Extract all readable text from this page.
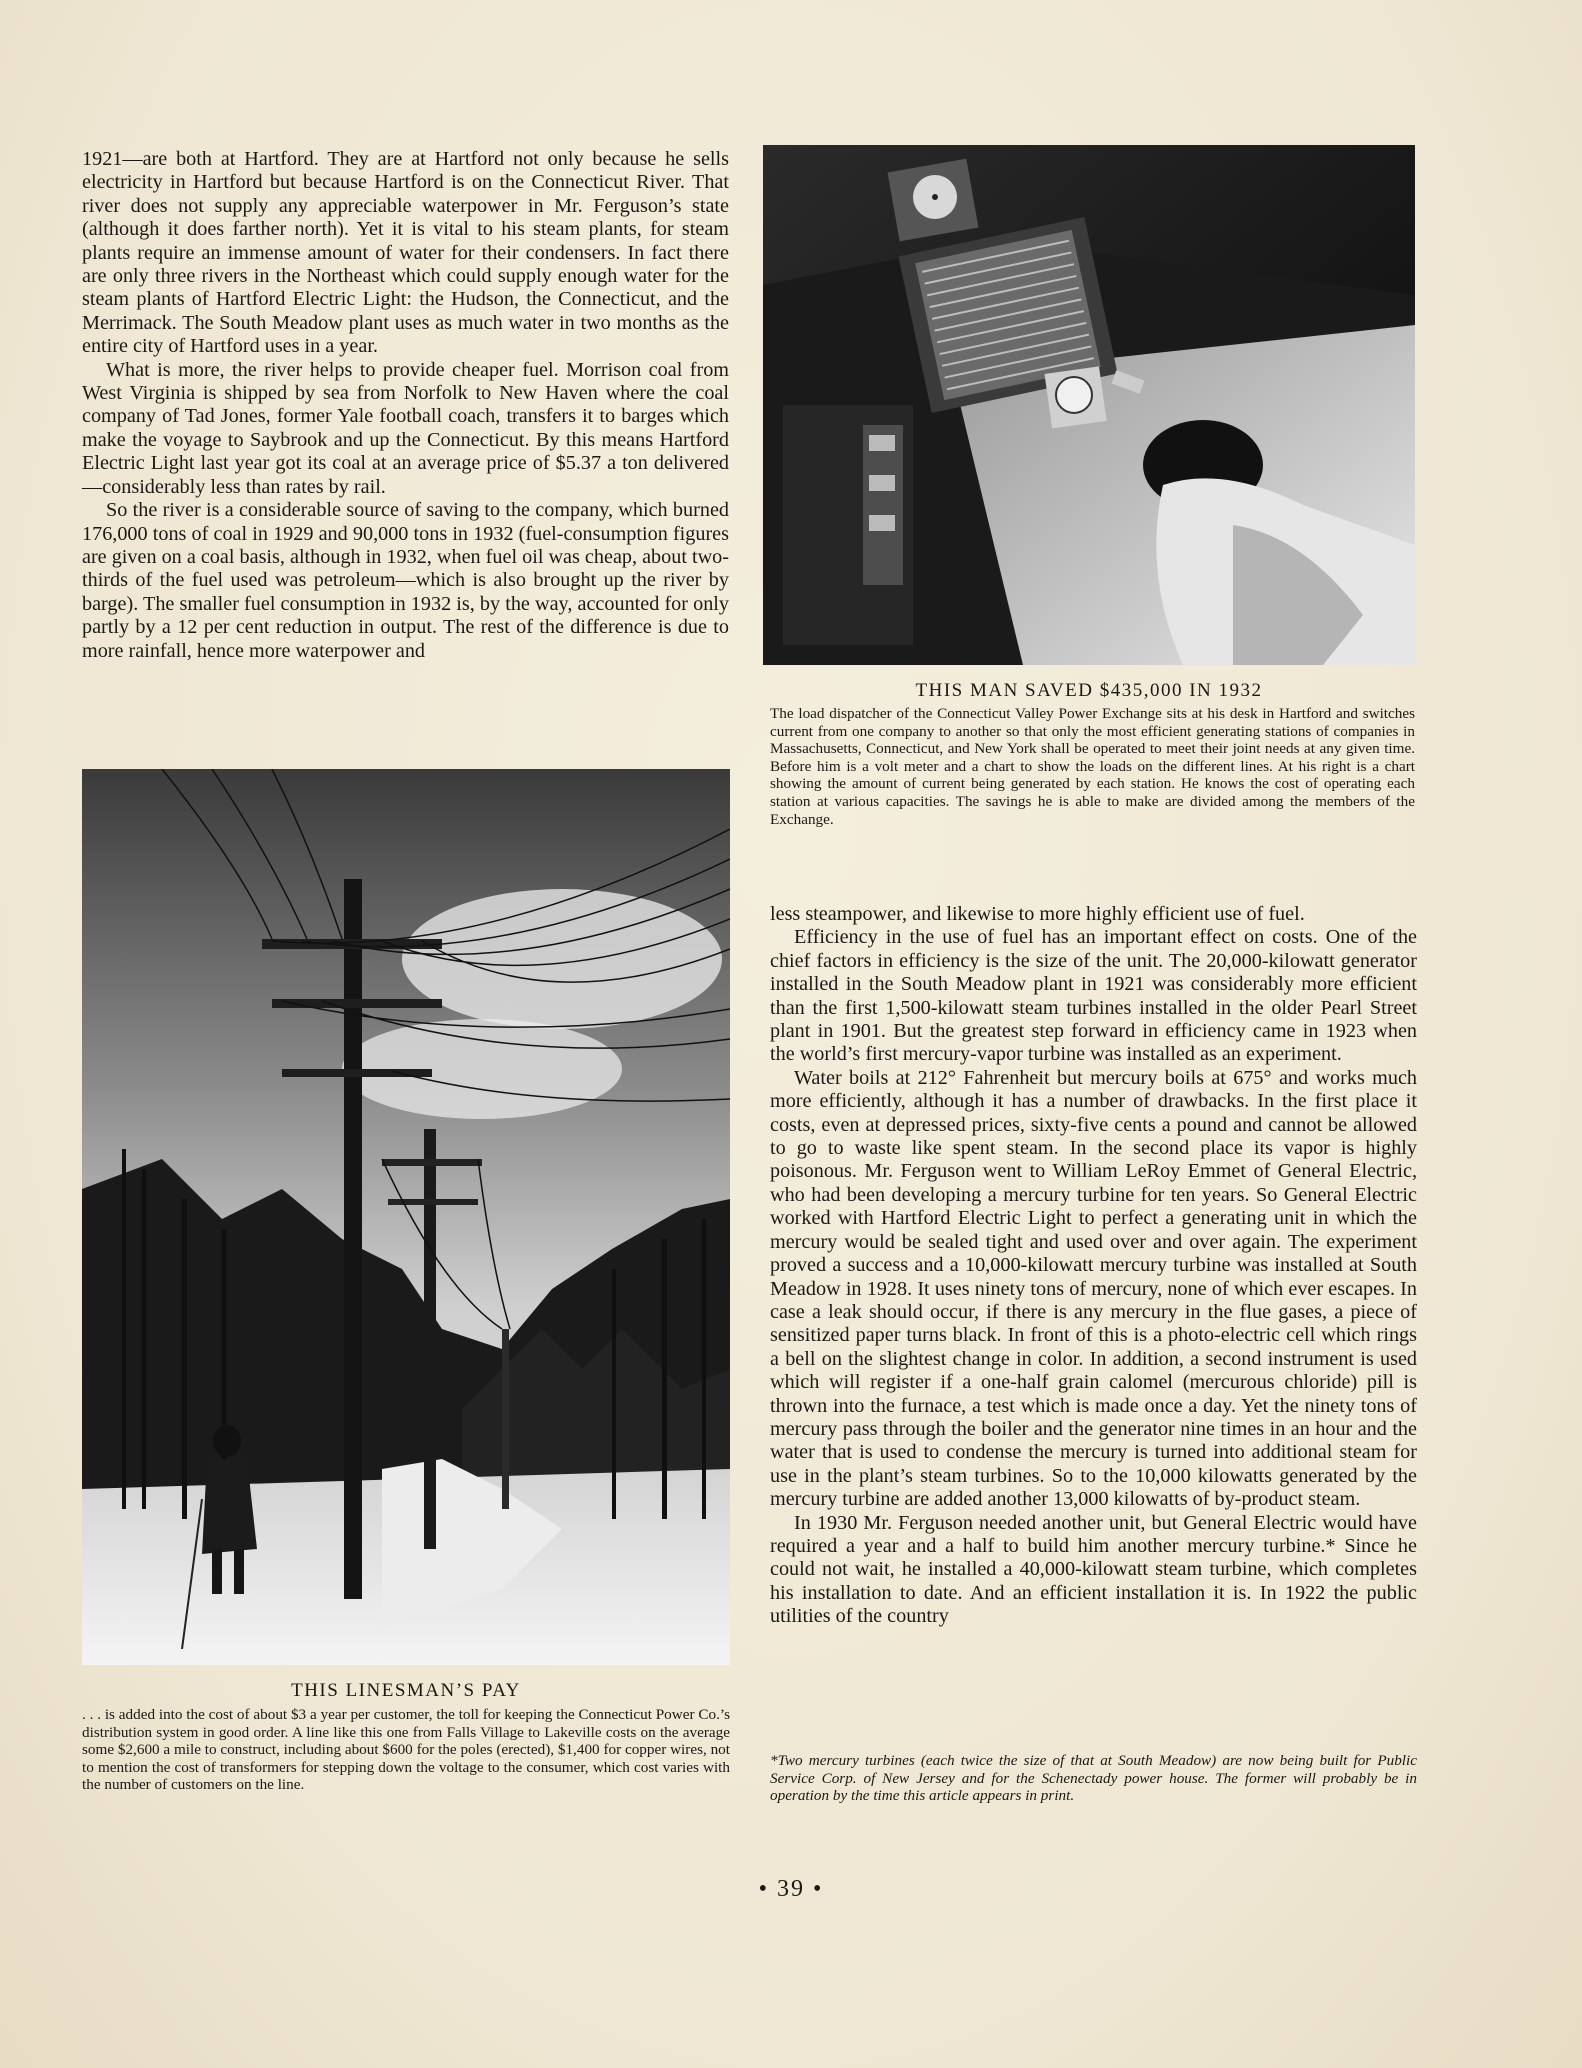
1921—are both at Hartford. They are at Hartford not only because he sells electricity in Hartford but because Hartford is on the Connecticut River. That river does not supply any appreciable waterpower in Mr. Ferguson’s state (although it does farther north). Yet it is vital to his steam plants, for steam plants require an immense amount of water for their condensers. In fact there are only three rivers in the Northeast which could supply enough water for the steam plants of Hartford Electric Light: the Hudson, the Connecticut, and the Merrimack. The South Meadow plant uses as much water in two months as the entire city of Hartford uses in a year.

What is more, the river helps to provide cheaper fuel. Morrison coal from West Virginia is shipped by sea from Norfolk to New Haven where the coal company of Tad Jones, former Yale football coach, transfers it to barges which make the voyage to Saybrook and up the Connecticut. By this means Hartford Electric Light last year got its coal at an average price of $5.37 a ton delivered—considerably less than rates by rail.

So the river is a considerable source of saving to the company, which burned 176,000 tons of coal in 1929 and 90,000 tons in 1932 (fuel-consumption figures are given on a coal basis, although in 1932, when fuel oil was cheap, about two-thirds of the fuel used was petroleum—which is also brought up the river by barge). The smaller fuel consumption in 1932 is, by the way, accounted for only partly by a 12 per cent reduction in output. The rest of the difference is due to more rainfall, hence more waterpower and

THIS MAN SAVED $435,000 IN 1932
The load dispatcher of the Connecticut Valley Power Exchange sits at his desk in Hartford and switches current from one company to another so that only the most efficient generating stations of companies in Massachusetts, Connecticut, and New York shall be operated to meet their joint needs at any given time. Before him is a volt meter and a chart to show the loads on the different lines. At his right is a chart showing the amount of current being generated by each station. He knows the cost of operating each station at various capacities. The savings he is able to make are divided among the members of the Exchange.
THIS LINESMAN’S PAY
. . . is added into the cost of about $3 a year per customer, the toll for keeping the Connecticut Power Co.’s distribution system in good order. A line like this one from Falls Village to Lakeville costs on the average some $2,600 a mile to construct, including about $600 for the poles (erected), $1,400 for copper wires, not to mention the cost of transformers for stepping down the voltage to the consumer, which cost varies with the number of customers on the line.

less steampower, and likewise to more highly efficient use of fuel.

Efficiency in the use of fuel has an important effect on costs. One of the chief factors in efficiency is the size of the unit. The 20,000-kilowatt generator installed in the South Meadow plant in 1921 was considerably more efficient than the first 1,500-kilowatt steam turbines installed in the older Pearl Street plant in 1901. But the greatest step forward in efficiency came in 1923 when the world’s first mercury-vapor turbine was installed as an experiment.

Water boils at 212° Fahrenheit but mercury boils at 675° and works much more efficiently, although it has a number of drawbacks. In the first place it costs, even at depressed prices, sixty-five cents a pound and cannot be allowed to go to waste like spent steam. In the second place its vapor is highly poisonous. Mr. Ferguson went to William LeRoy Emmet of General Electric, who had been developing a mercury turbine for ten years. So General Electric worked with Hartford Electric Light to perfect a generating unit in which the mercury would be sealed tight and used over and over again. The experiment proved a success and a 10,000-kilowatt mercury turbine was installed at South Meadow in 1928. It uses ninety tons of mercury, none of which ever escapes. In case a leak should occur, if there is any mercury in the flue gases, a piece of sensitized paper turns black. In front of this is a photo-electric cell which rings a bell on the slightest change in color. In addition, a second instrument is used which will register if a one-half grain calomel (mercurous chloride) pill is thrown into the furnace, a test which is made once a day. Yet the ninety tons of mercury pass through the boiler and the generator nine times in an hour and the water that is used to condense the mercury is turned into additional steam for use in the plant’s steam turbines. So to the 10,000 kilowatts generated by the mercury turbine are added another 13,000 kilowatts of by-product steam.

In 1930 Mr. Ferguson needed another unit, but General Electric would have required a year and a half to build him another mercury turbine.* Since he could not wait, he installed a 40,000-kilowatt steam turbine, which completes his installation to date. And an efficient installation it is. In 1922 the public utilities of the country

*Two mercury turbines (each twice the size of that at South Meadow) are now being built for Public Service Corp. of New Jersey and for the Schenectady power house. The former will probably be in operation by the time this article appears in print.
• 39 •
